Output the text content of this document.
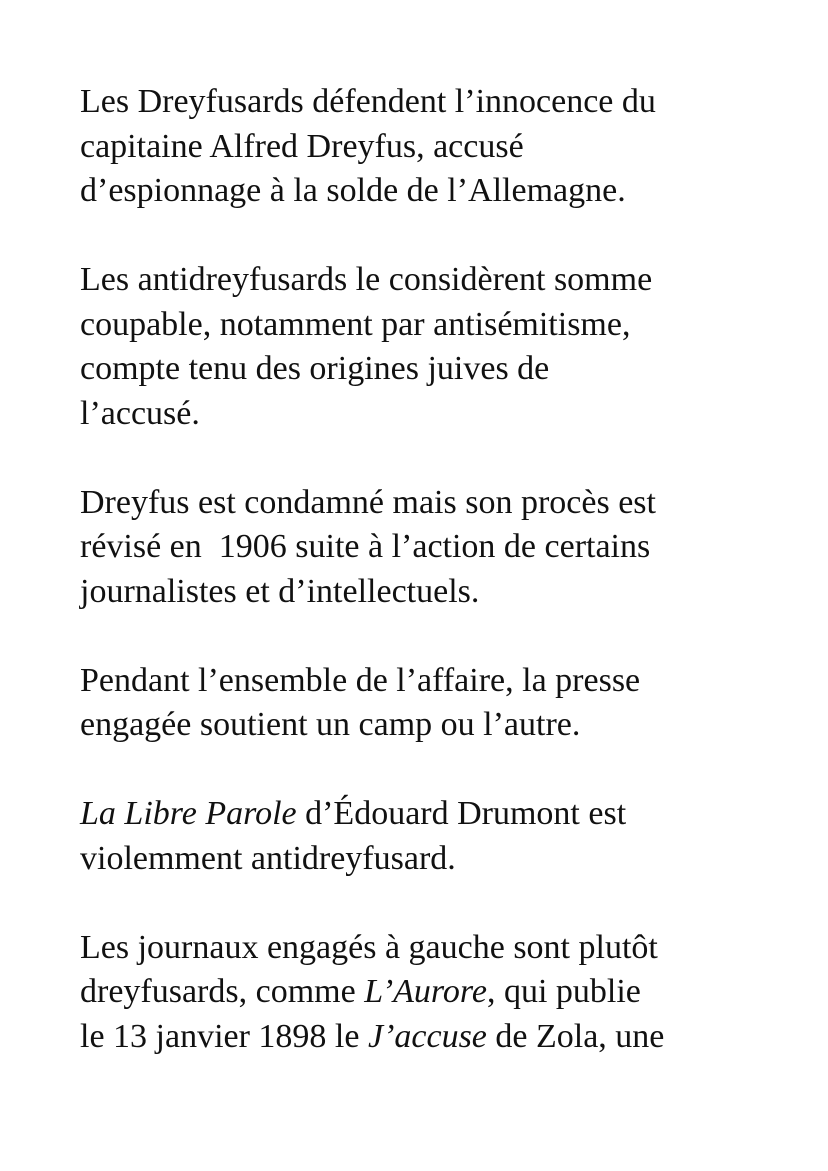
Les Dreyfusards défendent l’innocence du
capitaine Alfred Dreyfus, accusé
d’espionnage à la solde de l’Allemagne.

Les antidreyfusards le considèrent somme
coupable, notamment par antisémitisme,
compte tenu des origines juives de
l’accusé.

Dreyfus est condamné mais son procès est
révisé en  1906 suite à l’action de certains
journalistes et d’intellectuels.

Pendant l’ensemble de l’affaire, la presse
engagée soutient un camp ou l’autre.

La Libre Parole d’Édouard Drumont est
violemment antidreyfusard.

Les journaux engagés à gauche sont plutôt
dreyfusards, comme L’Aurore, qui publie
le 13 janvier 1898 le J’accuse de Zola, une
